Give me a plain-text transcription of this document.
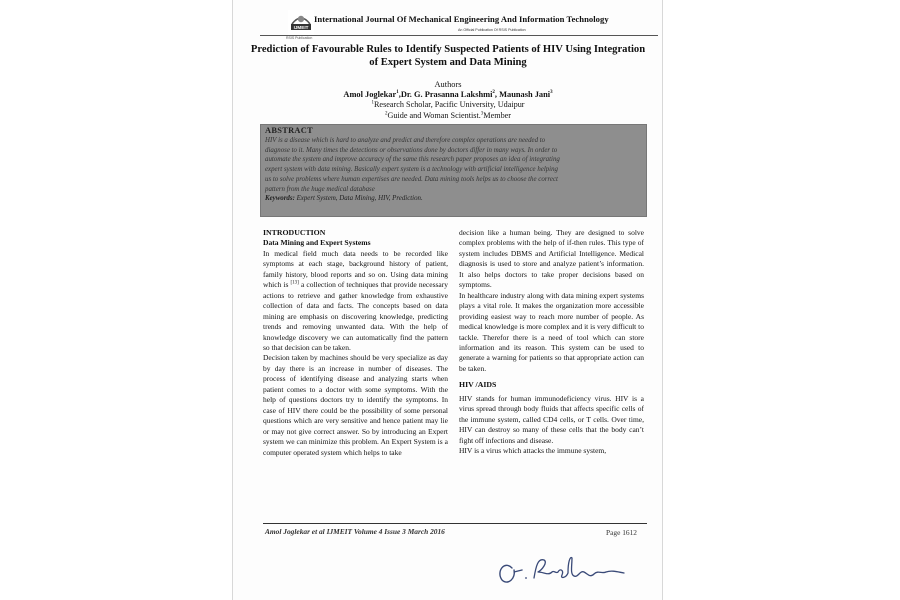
IJMEIT
RSIS Publication
International Journal Of Mechanical Engineering And Information Technology
An Official Publication Of RSIS Publication
Prediction of Favourable Rules to Identify Suspected Patients of HIV Using Integration
of Expert System and Data Mining
Authors
Amol Joglekar$^1$,Dr. G. Prasanna Lakshmi$^2$, Maunash Jani$^3$
$^1$Research Scholar, Pacific University, Udaipur
$^2$Guide and Woman Scientist.$^3$Member
ABSTRACT
HIV is a disease which is hard to analyze and predict and therefore complex operations are needed to
diagnose to it. Many times the detections or observations done by doctors differ in many ways. In order to
automate the system and improve accuracy of the same this research paper proposes an idea of integrating
expert system with data mining. Basically expert system is a technology with artificial intelligence helping
us to solve problems where human expertises are needed. Data mining tools helps us to choose the correct
pattern from the huge medical database
Keywords: Expert System, Data Mining, HIV, Prediction.
INTRODUCTION
Data Mining and Expert Systems

In medical field much data needs to be recorded like symptoms at each stage, background history of patient, family history, blood reports and so on. Using data mining which is [13] a collection of techniques that provide necessary actions to retrieve and gather knowledge from exhaustive collection of data and facts. The concepts based on data mining are emphasis on discovering knowledge, predicting trends and removing unwanted data. With the help of knowledge discovery we can automatically find the pattern so that decision can be taken.

Decision taken by machines should be very specialize as day by day there is an increase in number of diseases. The process of identifying disease and analyzing starts when patient comes to a doctor with some symptoms. With the help of questions doctors try to identify the symptoms. In case of HIV there could be the possibility of some personal questions which are very sensitive and hence patient may lie or may not give correct answer. So by introducing an Expert system we can minimize this problem. An Expert System is a computer operated system which helps to take

decision like a human being. They are designed to solve complex problems with the help of if-then rules. This type of system includes DBMS and Artificial Intelligence. Medical diagnosis is used to store and analyze patient’s information. It also helps doctors to take proper decisions based on symptoms.

In healthcare industry along with data mining expert systems plays a vital role. It makes the organization more accessible providing easiest way to reach more number of people. As medical knowledge is more complex and it is very difficult to tackle. Therefor there is a need of tool which can store information and its reason. This system can be used to generate a warning for patients so that appropriate action can be taken.

HIV /AIDS

HIV stands for human immunodeficiency virus. HIV is a virus spread through body fluids that affects specific cells of the immune system, called CD4 cells, or T cells. Over time, HIV can destroy so many of these cells that the body can’t fight off infections and disease.

HIV is a virus which attacks the immune system,

Amol Joglekar et al IJMEIT Volume 4 Issue 3 March 2016	Page 1612
